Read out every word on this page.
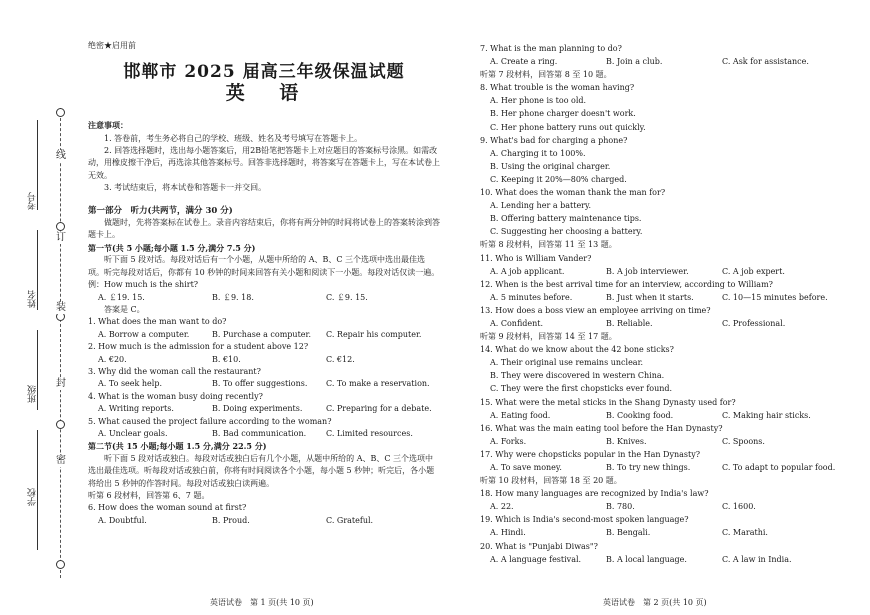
线
订
装
封
密
考号
姓名
班级
学校
绝密★启用前
邯郸市 2025 届高三年级保温试题
英 语
注意事项：
1. 答卷前，考生务必将自己的学校、班级、姓名及考号填写在答题卡上。
2. 回答选择题时，选出每小题答案后，用2B铅笔把答题卡上对应题目的答案标号涂黑。如需改动，用橡皮擦干净后，再选涂其他答案标号。回答非选择题时，将答案写在答题卡上，写在本试卷上无效。
3. 考试结束后，将本试卷和答题卡一并交回。
第一部分　听力(共两节，满分 30 分)
做题时，先将答案标在试卷上。录音内容结束后，你将有两分钟的时间将试卷上的答案转涂到答题卡上。
第一节(共 5 小题;每小题 1.5 分,满分 7.5 分)
听下面 5 段对话。每段对话后有一个小题，从题中所给的 A、B、C 三个选项中选出最佳选项。听完每段对话后，你都有 10 秒钟的时间来回答有关小题和阅读下一小题。每段对话仅读一遍。
例：How much is the shirt?
A. ￡19. 15.	B. ￡9. 18.	C. ￡9. 15.
答案是 C。
1. What does the man want to do?
A. Borrow a computer.	B. Purchase a computer.	C. Repair his computer.
2. How much is the admission for a student above 12?
A. €20.	B. €10.	C. €12.
3. Why did the woman call the restaurant?
A. To seek help.	B. To offer suggestions.	C. To make a reservation.
4. What is the woman busy doing recently?
A. Writing reports.	B. Doing experiments.	C. Preparing for a debate.
5. What caused the project failure according to the woman?
A. Unclear goals.	B. Bad communication.	C. Limited resources.
第二节(共 15 小题;每小题 1.5 分,满分 22.5 分)
听下面 5 段对话或独白。每段对话或独白后有几个小题，从题中所给的 A、B、C 三个选项中选出最佳选项。听每段对话或独白前，你将有时间阅读各个小题，每小题 5 秒钟；听完后，各小题将给出 5 秒钟的作答时间。每段对话或独白读两遍。
听第 6 段材料，回答第 6、7 题。
6. How does the woman sound at first?
A. Doubtful.	B. Proud.	C. Grateful.
7. What is the man planning to do?
A. Create a ring.	B. Join a club.	C. Ask for assistance.
听第 7 段材料，回答第 8 至 10 题。
8. What trouble is the woman having?
A. Her phone is too old.
B. Her phone charger doesn't work.
C. Her phone battery runs out quickly.
9. What's bad for charging a phone?
A. Charging it to 100%.
B. Using the original charger.
C. Keeping it 20%—80% charged.
10. What does the woman thank the man for?
A. Lending her a battery.
B. Offering battery maintenance tips.
C. Suggesting her choosing a battery.
听第 8 段材料，回答第 11 至 13 题。
11. Who is William Vander?
A. A job applicant.	B. A job interviewer.	C. A job expert.
12. When is the best arrival time for an interview, according to William?
A. 5 minutes before.	B. Just when it starts.	C. 10—15 minutes before.
13. How does a boss view an employee arriving on time?
A. Confident.	B. Reliable.	C. Professional.
听第 9 段材料，回答第 14 至 17 题。
14. What do we know about the 42 bone sticks?
A. Their original use remains unclear.
B. They were discovered in western China.
C. They were the first chopsticks ever found.
15. What were the metal sticks in the Shang Dynasty used for?
A. Eating food.	B. Cooking food.	C. Making hair sticks.
16. What was the main eating tool before the Han Dynasty?
A. Forks.	B. Knives.	C. Spoons.
17. Why were chopsticks popular in the Han Dynasty?
A. To save money.	B. To try new things.	C. To adapt to popular food.
听第 10 段材料，回答第 18 至 20 题。
18. How many languages are recognized by India's law?
A. 22.	B. 780.	C. 1600.
19. Which is India's second-most spoken language?
A. Hindi.	B. Bengali.	C. Marathi.
20. What is "Punjabi Diwas"?
A. A language festival.	B. A local language.	C. A law in India.
英语试卷　第 1 页(共 10 页)	英语试卷　第 2 页(共 10 页)
